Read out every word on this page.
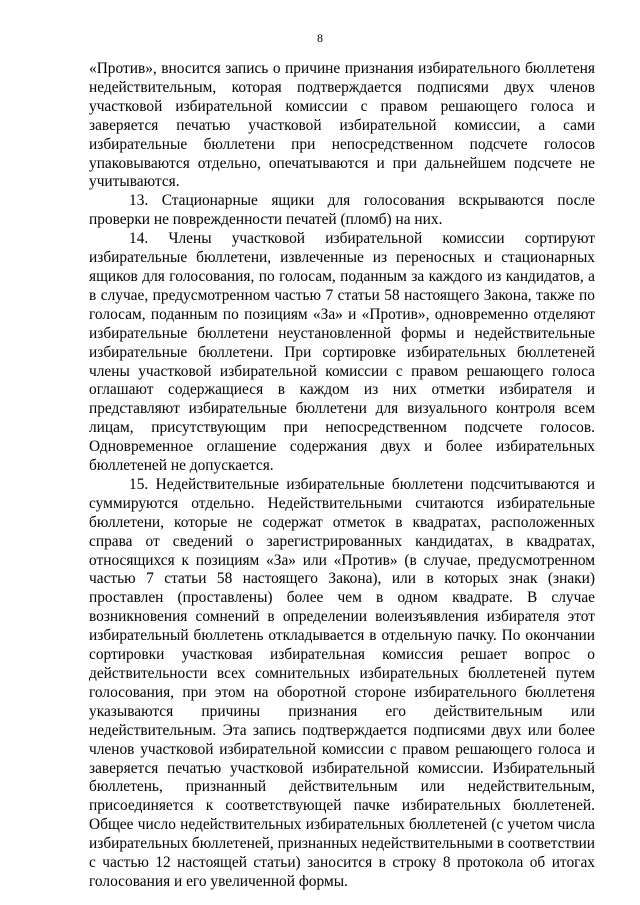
8

«Против», вносится запись о причине признания избирательного бюллетеня недействительным, которая подтверждается подписями двух членов участковой избирательной комиссии с правом решающего голоса и заверяется печатью участковой избирательной комиссии, а сами избирательные бюллетени при непосредственном подсчете голосов упаковываются отдельно, опечатываются и при дальнейшем подсчете не учитываются.

13. Стационарные ящики для голосования вскрываются после проверки не поврежденности печатей (пломб) на них.

14. Члены участковой избирательной комиссии сортируют избирательные бюллетени, извлеченные из переносных и стационарных ящиков для голосования, по голосам, поданным за каждого из кандидатов, а в случае, предусмотренном частью 7 статьи 58 настоящего Закона, также по голосам, поданным по позициям «За» и «Против», одновременно отделяют избирательные бюллетени неустановленной формы и недействительные избирательные бюллетени. При сортировке избирательных бюллетеней члены участковой избирательной комиссии с правом решающего голоса оглашают содержащиеся в каждом из них отметки избирателя и представляют избирательные бюллетени для визуального контроля всем лицам, присутствующим при непосредственном подсчете голосов. Одновременное оглашение содержания двух и более избирательных бюллетеней не допускается.

15. Недействительные избирательные бюллетени подсчитываются и суммируются отдельно. Недействительными считаются избирательные бюллетени, которые не содержат отметок в квадратах, расположенных справа от сведений о зарегистрированных кандидатах, в квадратах, относящихся к позициям «За» или «Против» (в случае, предусмотренном частью 7 статьи 58 настоящего Закона), или в которых знак (знаки) проставлен (проставлены) более чем в одном квадрате. В случае возникновения сомнений в определении волеизъявления избирателя этот избирательный бюллетень откладывается в отдельную пачку. По окончании сортировки участковая избирательная комиссия решает вопрос о действительности всех сомнительных избирательных бюллетеней путем голосования, при этом на оборотной стороне избирательного бюллетеня указываются причины признания его действительным или недействительным. Эта запись подтверждается подписями двух или более членов участковой избирательной комиссии с правом решающего голоса и заверяется печатью участковой избирательной комиссии. Избирательный бюллетень, признанный действительным или недействительным, присоединяется к соответствующей пачке избирательных бюллетеней. Общее число недействительных избирательных бюллетеней (с учетом числа избирательных бюллетеней, признанных недействительными в соответствии с частью 12 настоящей статьи) заносится в строку 8 протокола об итогах голосования и его увеличенной формы.
